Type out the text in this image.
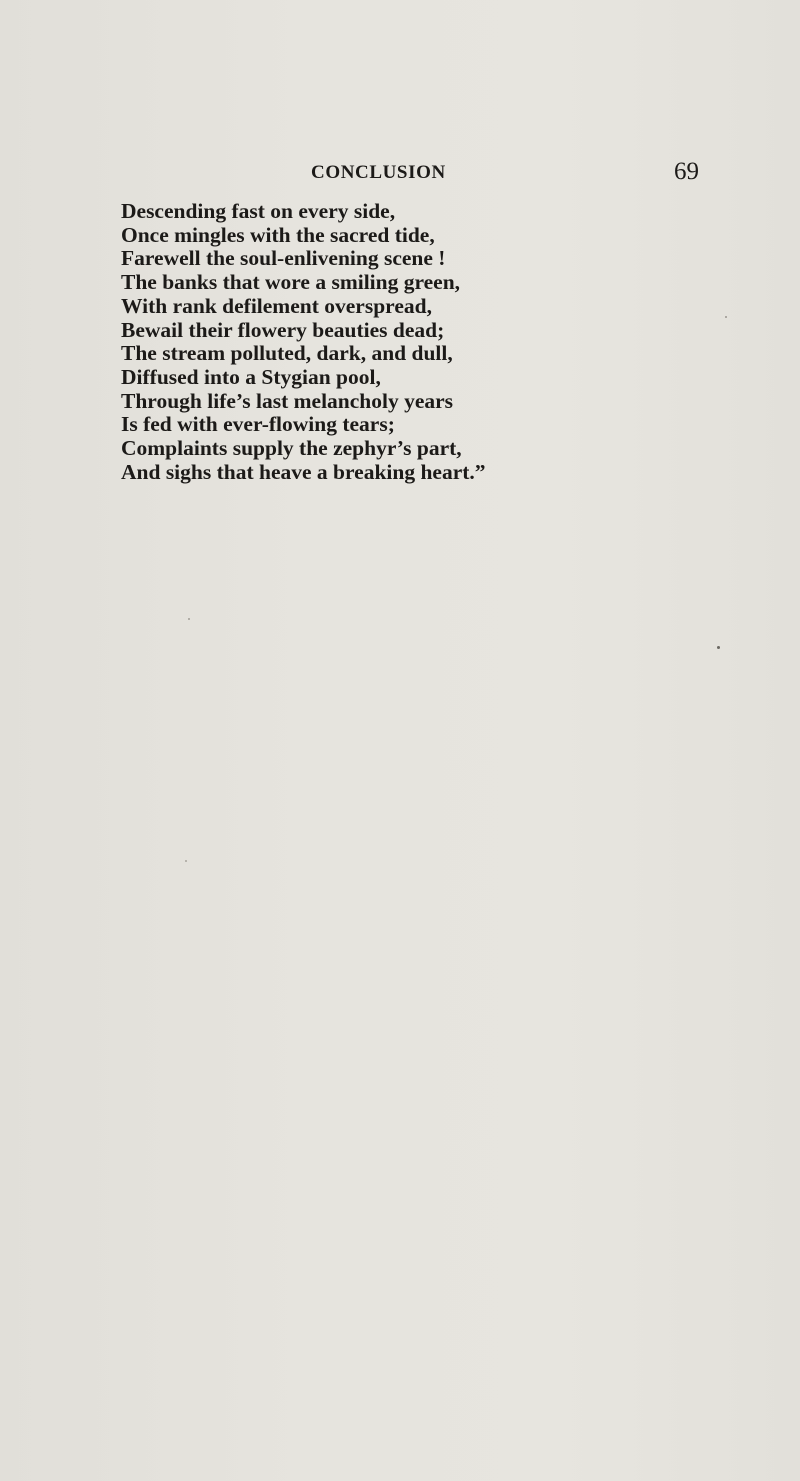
CONCLUSION	69
Descending fast on every side,
Once mingles with the sacred tide,
Farewell the soul-enlivening scene !
The banks that wore a smiling green,
With rank defilement overspread,
Bewail their flowery beauties dead;
The stream polluted, dark, and dull,
Diffused into a Stygian pool,
Through life’s last melancholy years
Is fed with ever-flowing tears;
Complaints supply the zephyr’s part,
And sighs that heave a breaking heart.”
